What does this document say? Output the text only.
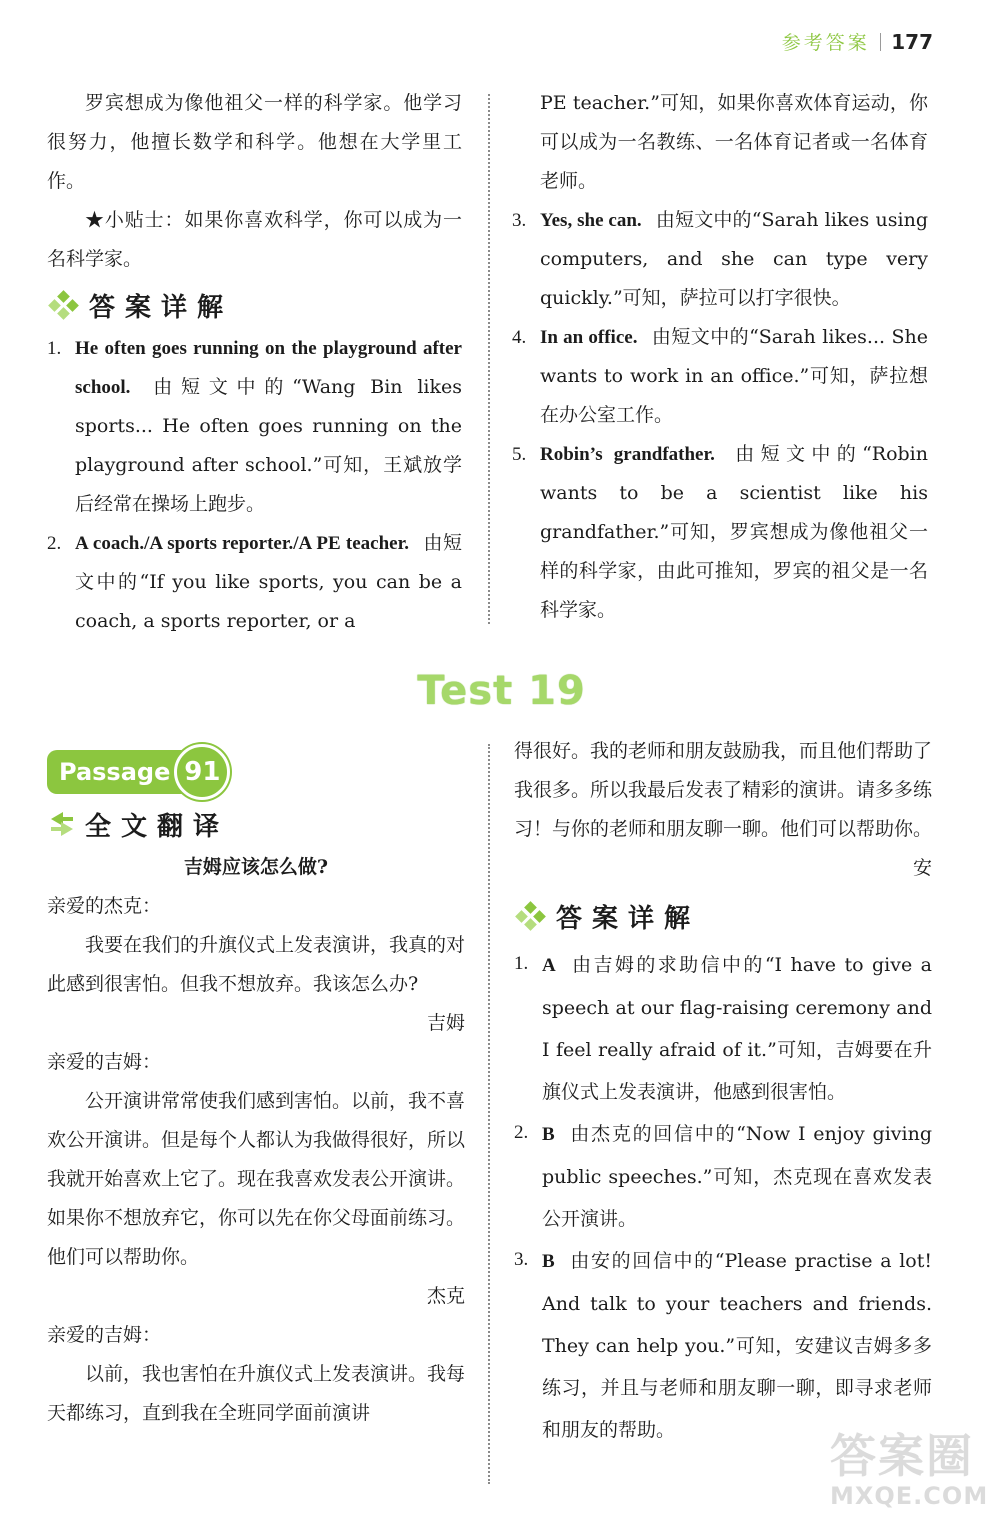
参考答案 177

罗宾想成为像他祖父一样的科学家。他学习很努力，他擅长数学和科学。他想在大学里工作。

★小贴士：如果你喜欢科学，你可以成为一名科学家。

答案详解
1. He often goes running on the playground after school. 由短文中的“Wang Bin likes sports... He often goes running on the playground after school.”可知，王斌放学后经常在操场上跑步。

2. A coach./A sports reporter./A PE teacher. 由短文中的“If you like sports, you can be a coach, a sports reporter, or a

PE teacher.”可知，如果你喜欢体育运动，你可以成为一名教练、一名体育记者或一名体育老师。

3. Yes, she can. 由短文中的“Sarah likes using computers, and she can type very quickly.”可知，萨拉可以打字很快。

4. In an office. 由短文中的“Sarah likes... She wants to work in an office.”可知，萨拉想在办公室工作。

5. Robin’s grandfather. 由短文中的“Robin wants to be a scientist like his grandfather.”可知，罗宾想成为像他祖父一样的科学家，由此可推知，罗宾的祖父是一名科学家。

Test 19
Passage 91
全文翻译

吉姆应该怎么做?

亲爱的杰克：

我要在我们的升旗仪式上发表演讲，我真的对此感到很害怕。但我不想放弃。我该怎么办?

吉姆

亲爱的吉姆：

公开演讲常常使我们感到害怕。以前，我不喜欢公开演讲。但是每个人都认为我做得很好，所以我就开始喜欢上它了。现在我喜欢发表公开演讲。如果你不想放弃它，你可以先在你父母面前练习。他们可以帮助你。

杰克

亲爱的吉姆：

以前，我也害怕在升旗仪式上发表演讲。我每天都练习，直到我在全班同学面前演讲

得很好。我的老师和朋友鼓励我，而且他们帮助了我很多。所以我最后发表了精彩的演讲。请多多练习！与你的老师和朋友聊一聊。他们可以帮助你。

安

答案详解
1. A 由吉姆的求助信中的“I have to give a speech at our flag-raising ceremony and I feel really afraid of it.”可知，吉姆要在升旗仪式上发表演讲，他感到很害怕。

2. B 由杰克的回信中的“Now I enjoy giving public speeches.”可知，杰克现在喜欢发表公开演讲。

3. B 由安的回信中的“Please practise a lot! And talk to your teachers and friends. They can help you.”可知，安建议吉姆多多练习，并且与老师和朋友聊一聊，即寻求老师和朋友的帮助。	答案圈
MXQE.COM
